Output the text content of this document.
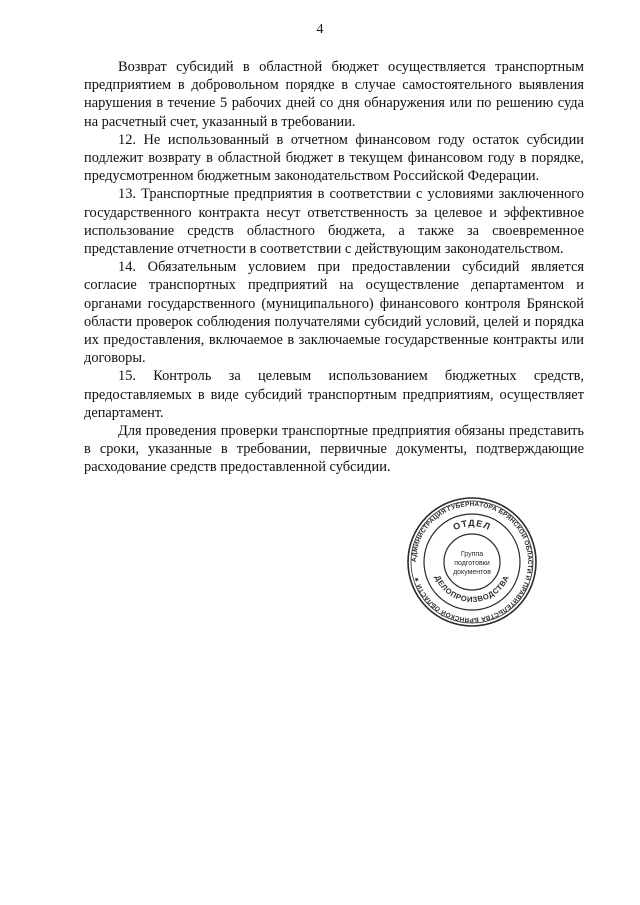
4

Возврат субсидий в областной бюджет осуществляется транспортным предприятием в добровольном порядке в случае самостоятельного выявления нарушения в течение 5 рабочих дней со дня обнаружения или по решению суда на расчетный счет, указанный в требовании.

12. Не использованный в отчетном финансовом году остаток субсидии подлежит возврату в областной бюджет в текущем финансовом году в порядке, предусмотренном бюджетным законодательством Российской Федерации.

13. Транспортные предприятия в соответствии с условиями заключенного государственного контракта несут ответственность за целевое и эффективное использование средств областного бюджета, а также за своевременное представление отчетности в соответствии с действующим законодательством.

14. Обязательным условием при предоставлении субсидий является согласие транспортных предприятий на осуществление департаментом и органами государственного (муниципального) финансового контроля Брянской области проверок соблюдения получателями субсидий условий, целей и порядка их предоставления, включаемое в заключаемые государственные контракты или договоры.

15. Контроль за целевым использованием бюджетных средств, предоставляемых в виде субсидий транспортным предприятиям, осуществляет департамент.

Для проведения проверки транспортные предприятия обязаны представить в сроки, указанные в требовании, первичные документы, подтверждающие расходование средств предоставленной субсидии.

АДМИНИСТРАЦИЯ ГУБЕРНАТОРА БРЯНСКОЙ ОБЛАСТИ И ПРАВИТЕЛЬСТВА БРЯНСКОЙ ОБЛАСТИ ★
ОТДЕЛ
ДЕЛОПРОИЗВОДСТВА
Группа
подготовки
документов
